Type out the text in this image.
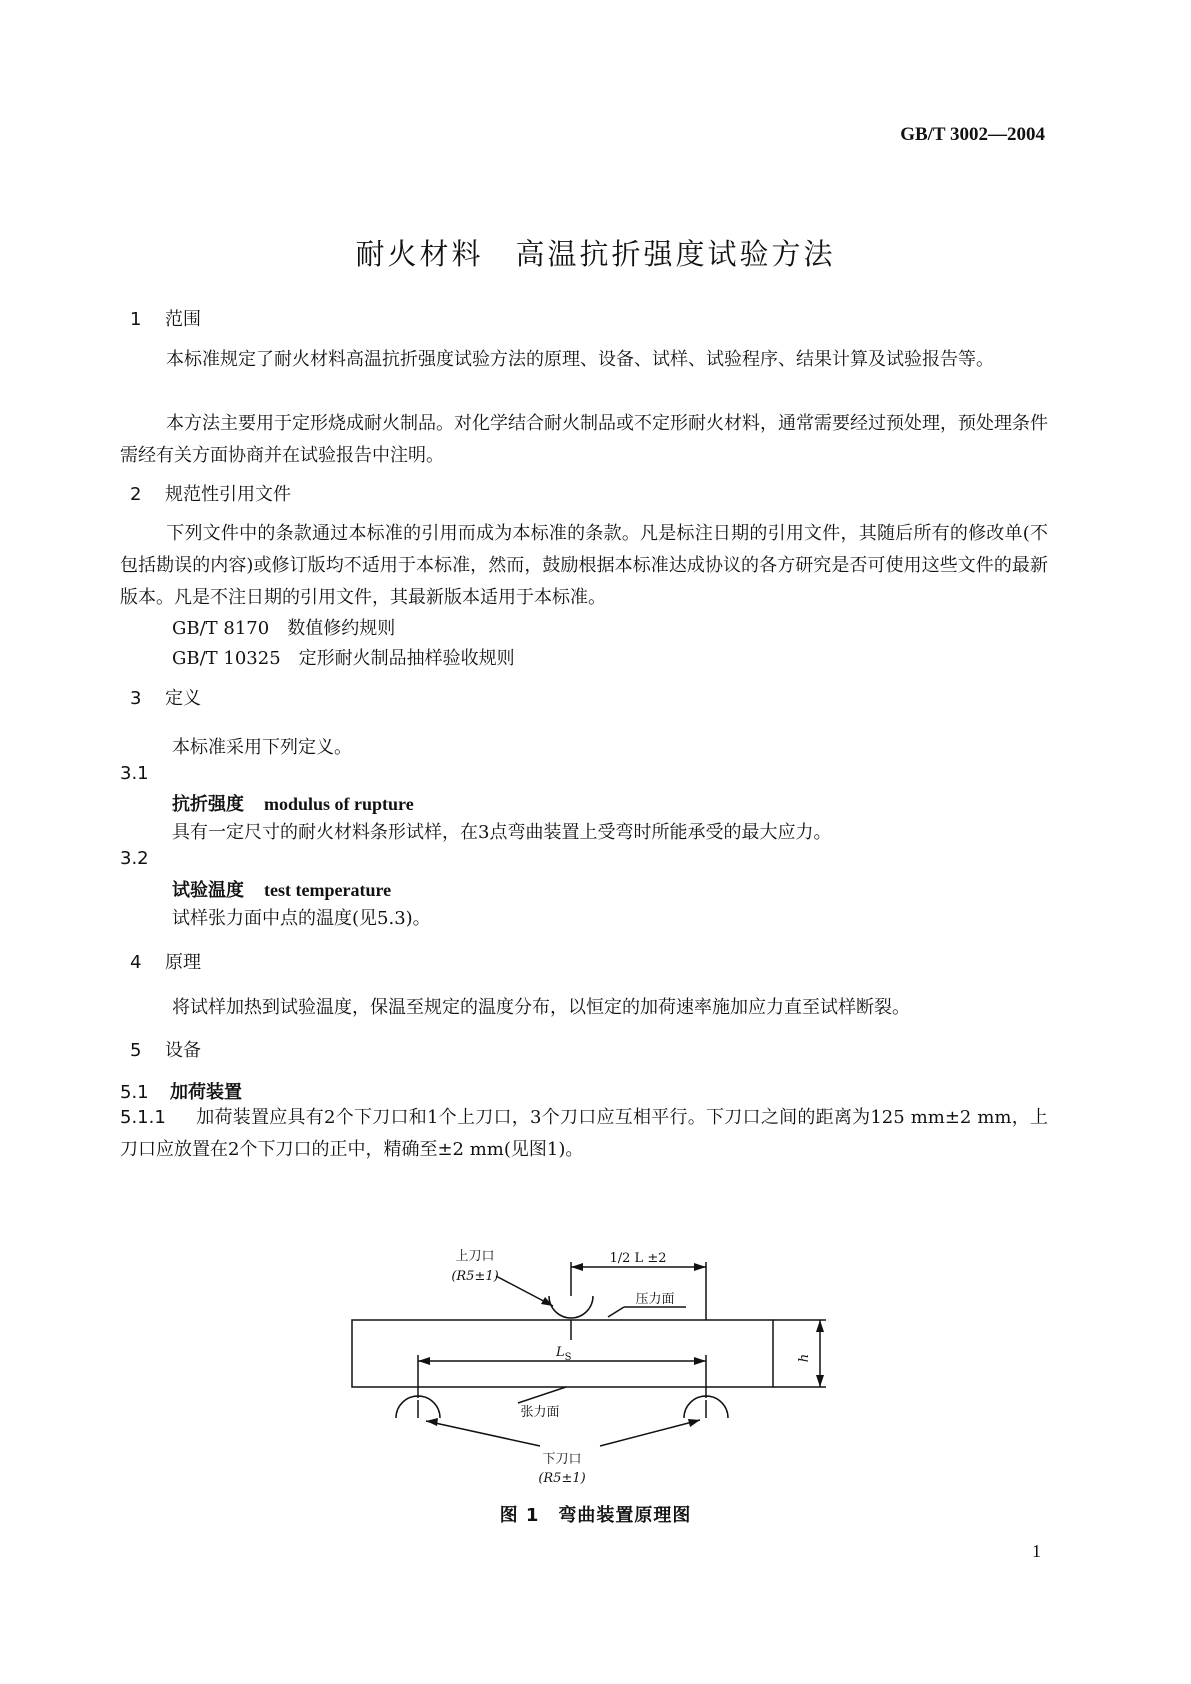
GB/T 3002—2004
耐火材料　高温抗折强度试验方法
1 范围
本标准规定了耐火材料高温抗折强度试验方法的原理、设备、试样、试验程序、结果计算及试验报告等。
本方法主要用于定形烧成耐火制品。对化学结合耐火制品或不定形耐火材料，通常需要经过预处理，预处理条件需经有关方面协商并在试验报告中注明。
2 规范性引用文件
下列文件中的条款通过本标准的引用而成为本标准的条款。凡是标注日期的引用文件，其随后所有的修改单(不包括勘误的内容)或修订版均不适用于本标准，然而，鼓励根据本标准达成协议的各方研究是否可使用这些文件的最新版本。凡是不注日期的引用文件，其最新版本适用于本标准。
GB/T 8170　数值修约规则
GB/T 10325　定形耐火制品抽样验收规则
3 定义
本标准采用下列定义。
3.1
抗折强度 modulus of rupture
具有一定尺寸的耐火材料条形试样，在3点弯曲装置上受弯时所能承受的最大应力。
3.2
试验温度 test temperature
试样张力面中点的温度(见5.3)。
4 原理
将试样加热到试验温度，保温至规定的温度分布，以恒定的加荷速率施加应力直至试样断裂。
5 设备
5.1 加荷装置
5.1.1 加荷装置应具有2个下刀口和1个上刀口，3个刀口应互相平行。下刀口之间的距离为125 mm±2 mm，上刀口应放置在2个下刀口的正中，精确至±2 mm(见图1)。
上刀口
(R5±1)
1/2 L ±2
压力面
$L_S$	h
张力面
下刀口
(R5±1)
图 1　弯曲装置原理图
1
